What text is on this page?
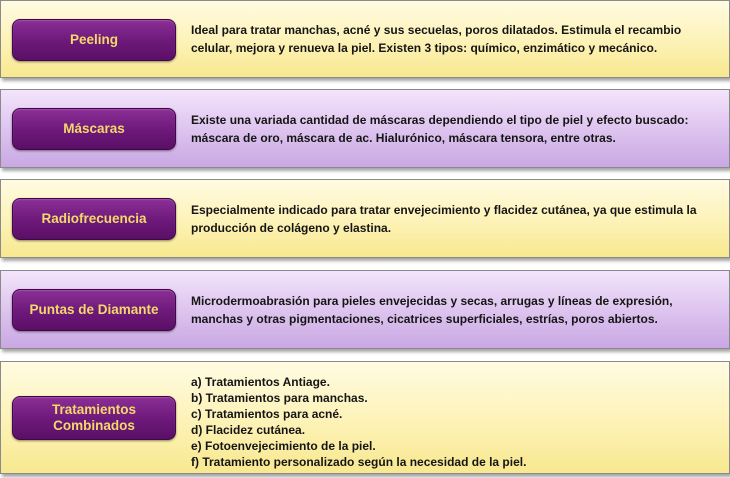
Peeling
Ideal para tratar manchas, acné y sus secuelas, poros dilatados. Estimula el recambio celular, mejora y renueva la piel. Existen 3 tipos: químico, enzimático y mecánico.
Máscaras
Existe una variada cantidad de máscaras dependiendo el tipo de piel y efecto buscado: máscara de oro, máscara de ac. Hialurónico, máscara tensora, entre otras.
Radiofrecuencia
Especialmente indicado para tratar envejecimiento y flacidez cutánea, ya que estimula la producción de colágeno y elastina.
Puntas de Diamante
Microdermoabrasión para pieles envejecidas y secas, arrugas y líneas de expresión, manchas y otras pigmentaciones, cicatrices superficiales, estrías, poros abiertos.
Tratamientos
Combinados
a) Tratamientos Antiage.
b) Tratamientos para manchas.
c) Tratamientos para acné.
d) Flacidez cutánea.
e) Fotoenvejecimiento de la piel.
f) Tratamiento personalizado según la necesidad de la piel.
